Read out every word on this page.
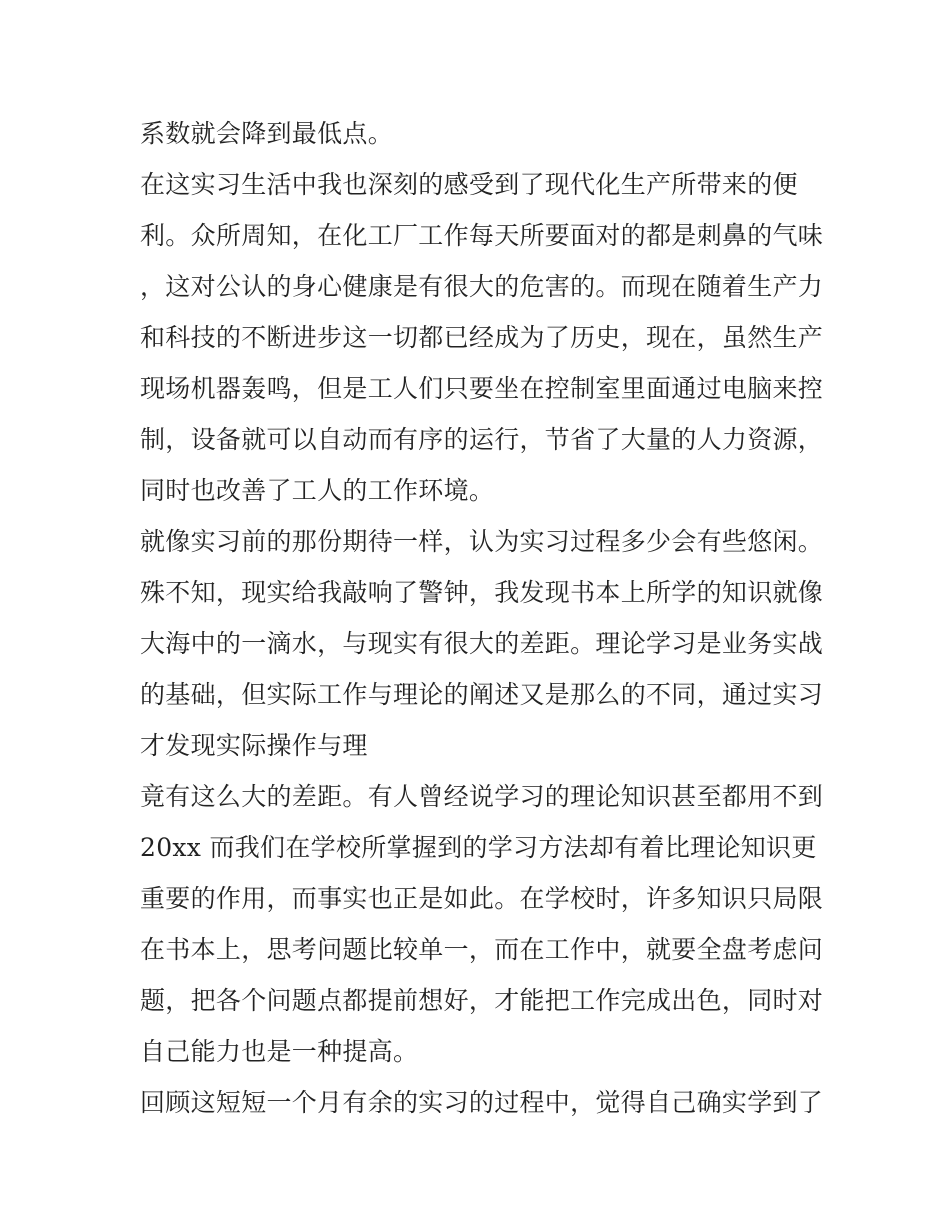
系数就会降到最低点。
在这实习生活中我也深刻的感受到了现代化生产所带来的便
利。众所周知，在化工厂工作每天所要面对的都是刺鼻的气味
，这对公认的身心健康是有很大的危害的。而现在随着生产力
和科技的不断进步这一切都已经成为了历史，现在，虽然生产
现场机器轰鸣，但是工人们只要坐在控制室里面通过电脑来控
制，设备就可以自动而有序的运行，节省了大量的人力资源，
同时也改善了工人的工作环境。
就像实习前的那份期待一样，认为实习过程多少会有些悠闲。
殊不知，现实给我敲响了警钟，我发现书本上所学的知识就像
大海中的一滴水，与现实有很大的差距。理论学习是业务实战
的基础，但实际工作与理论的阐述又是那么的不同，通过实习
才发现实际操作与理
竟有这么大的差距。有人曾经说学习的理论知识甚至都用不到
20xx 而我们在学校所掌握到的学习方法却有着比理论知识更
重要的作用，而事实也正是如此。在学校时，许多知识只局限
在书本上，思考问题比较单一，而在工作中，就要全盘考虑问
题，把各个问题点都提前想好，才能把工作完成出色，同时对
自己能力也是一种提高。
回顾这短短一个月有余的实习的过程中，觉得自己确实学到了
